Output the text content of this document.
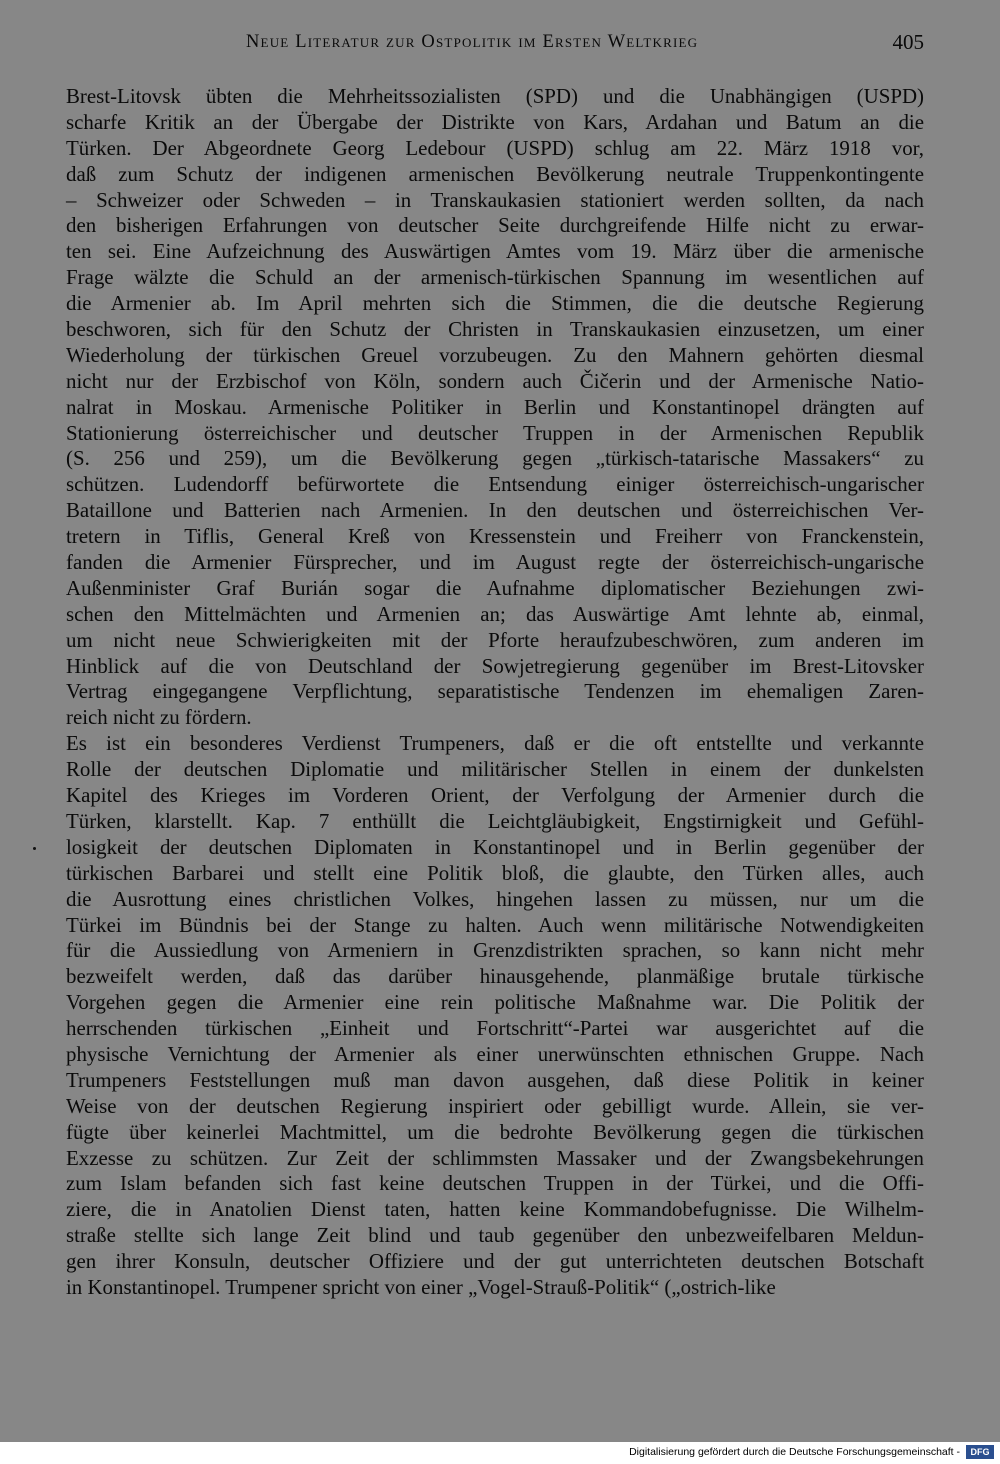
Neue Literatur zur Ostpolitik im Ersten Weltkrieg	405
Brest-Litovsk übten die Mehrheitssozialisten (SPD) und die Unabhängigen (USPD)
scharfe Kritik an der Übergabe der Distrikte von Kars, Ardahan und Batum an die
Türken. Der Abgeordnete Georg Ledebour (USPD) schlug am 22. März 1918 vor,
daß zum Schutz der indigenen armenischen Bevölkerung neutrale Truppenkontingente
– Schweizer oder Schweden – in Transkaukasien stationiert werden sollten, da nach
den bisherigen Erfahrungen von deutscher Seite durchgreifende Hilfe nicht zu erwar-
ten sei. Eine Aufzeichnung des Auswärtigen Amtes vom 19. März über die armenische
Frage wälzte die Schuld an der armenisch-türkischen Spannung im wesentlichen auf
die Armenier ab. Im April mehrten sich die Stimmen, die die deutsche Regierung
beschworen, sich für den Schutz der Christen in Transkaukasien einzusetzen, um einer
Wiederholung der türkischen Greuel vorzubeugen. Zu den Mahnern gehörten diesmal
nicht nur der Erzbischof von Köln, sondern auch Čičerin und der Armenische Natio-
nalrat in Moskau. Armenische Politiker in Berlin und Konstantinopel drängten auf
Stationierung österreichischer und deutscher Truppen in der Armenischen Republik
(S. 256 und 259), um die Bevölkerung gegen „türkisch-tatarische Massakers“ zu
schützen. Ludendorff befürwortete die Entsendung einiger österreichisch-ungarischer
Bataillone und Batterien nach Armenien. In den deutschen und österreichischen Ver-
tretern in Tiflis, General Kreß von Kressenstein und Freiherr von Franckenstein,
fanden die Armenier Fürsprecher, und im August regte der österreichisch-ungarische
Außenminister Graf Burián sogar die Aufnahme diplomatischer Beziehungen zwi-
schen den Mittelmächten und Armenien an; das Auswärtige Amt lehnte ab, einmal,
um nicht neue Schwierigkeiten mit der Pforte heraufzubeschwören, zum anderen im
Hinblick auf die von Deutschland der Sowjetregierung gegenüber im Brest-Litovsker
Vertrag eingegangene Verpflichtung, separatistische Tendenzen im ehemaligen Zaren-
reich nicht zu fördern.
Es ist ein besonderes Verdienst Trumpeners, daß er die oft entstellte und verkannte
Rolle der deutschen Diplomatie und militärischer Stellen in einem der dunkelsten
Kapitel des Krieges im Vorderen Orient, der Verfolgung der Armenier durch die
Türken, klarstellt. Kap. 7 enthüllt die Leichtgläubigkeit, Engstirnigkeit und Gefühl-
losigkeit der deutschen Diplomaten in Konstantinopel und in Berlin gegenüber der
türkischen Barbarei und stellt eine Politik bloß, die glaubte, den Türken alles, auch
die Ausrottung eines christlichen Volkes, hingehen lassen zu müssen, nur um die
Türkei im Bündnis bei der Stange zu halten. Auch wenn militärische Notwendigkeiten
für die Aussiedlung von Armeniern in Grenzdistrikten sprachen, so kann nicht mehr
bezweifelt werden, daß das darüber hinausgehende, planmäßige brutale türkische
Vorgehen gegen die Armenier eine rein politische Maßnahme war. Die Politik der
herrschenden türkischen „Einheit und Fortschritt“-Partei war ausgerichtet auf die
physische Vernichtung der Armenier als einer unerwünschten ethnischen Gruppe. Nach
Trumpeners Feststellungen muß man davon ausgehen, daß diese Politik in keiner
Weise von der deutschen Regierung inspiriert oder gebilligt wurde. Allein, sie ver-
fügte über keinerlei Machtmittel, um die bedrohte Bevölkerung gegen die türkischen
Exzesse zu schützen. Zur Zeit der schlimmsten Massaker und der Zwangsbekehrungen
zum Islam befanden sich fast keine deutschen Truppen in der Türkei, und die Offi-
ziere, die in Anatolien Dienst taten, hatten keine Kommandobefugnisse. Die Wilhelm-
straße stellte sich lange Zeit blind und taub gegenüber den unbezweifelbaren Meldun-
gen ihrer Konsuln, deutscher Offiziere und der gut unterrichteten deutschen Botschaft
in Konstantinopel. Trumpener spricht von einer „Vogel-Strauß-Politik“ („ostrich-like
Digitalisierung gefördert durch die Deutsche Forschungsgemeinschaft -	DFG
